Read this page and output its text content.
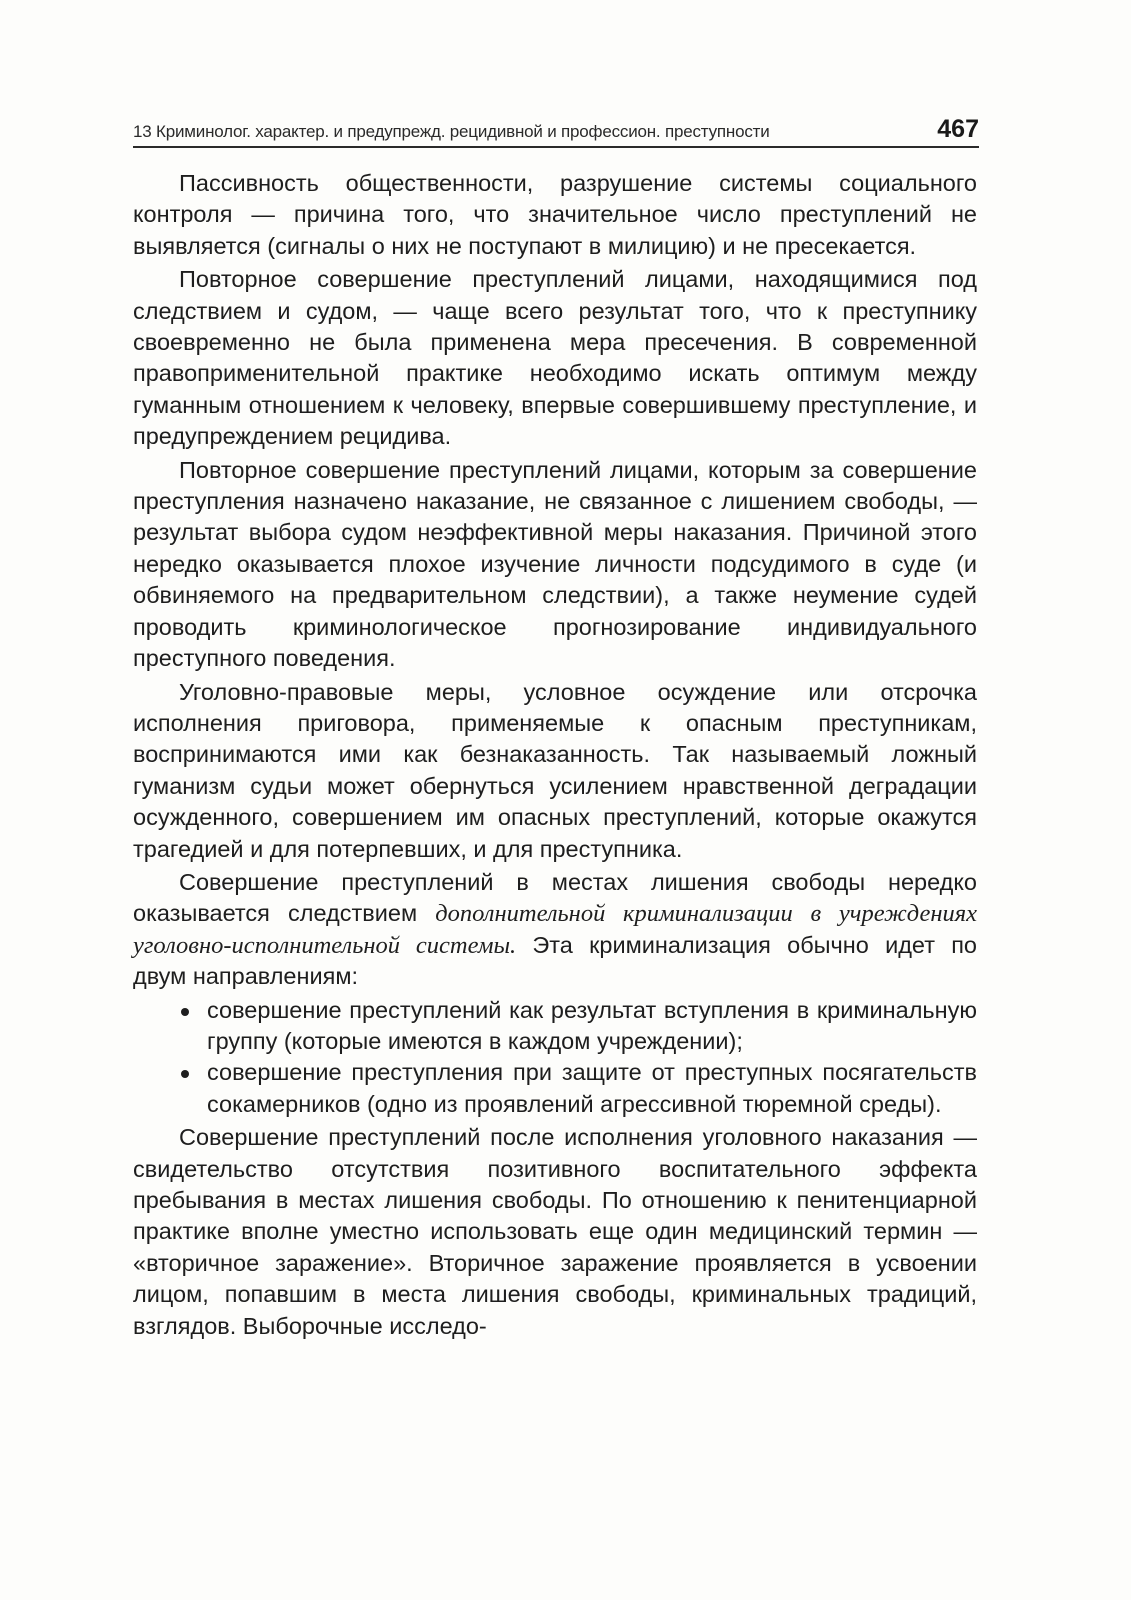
13 Криминолог. характер. и предупрежд. рецидивной и профессион. преступности	467

Пассивность общественности, разрушение системы социального контроля — причина того, что значительное число преступлений не выявляется (сигналы о них не поступают в милицию) и не пресекается.

Повторное совершение преступлений лицами, находящимися под следствием и судом, — чаще всего результат того, что к преступнику своевременно не была применена мера пресечения. В современной правоприменительной практике необходимо искать оптимум между гуманным отношением к человеку, впервые совершившему преступление, и предупреждением рецидива.

Повторное совершение преступлений лицами, которым за совершение преступления назначено наказание, не связанное с лишением свободы, — результат выбора судом неэффективной меры наказания. Причиной этого нередко оказывается плохое изучение личности подсудимого в суде (и обвиняемого на предварительном следствии), а также неумение судей проводить криминологическое прогнозирование индивидуального преступного поведения.

Уголовно-правовые меры, условное осуждение или отсрочка исполнения приговора, применяемые к опасным преступникам, воспринимаются ими как безнаказанность. Так называемый ложный гуманизм судьи может обернуться усилением нравственной деградации осужденного, совершением им опасных преступлений, которые окажутся трагедией и для потерпевших, и для преступника.

Совершение преступлений в местах лишения свободы нередко оказывается следствием дополнительной криминализации в учреждениях уголовно-исполнительной системы. Эта криминализация обычно идет по двум направлениям:

совершение преступлений как результат вступления в криминальную группу (которые имеются в каждом учреждении);
совершение преступления при защите от преступных посягательств сокамерников (одно из проявлений агрессивной тюремной среды).

Совершение преступлений после исполнения уголовного наказания — свидетельство отсутствия позитивного воспитательного эффекта пребывания в местах лишения свободы. По отношению к пенитенциарной практике вполне уместно использовать еще один медицинский термин — «вторичное заражение». Вторичное заражение проявляется в усвоении лицом, попавшим в места лишения свободы, криминальных традиций, взглядов. Выборочные исследо-
